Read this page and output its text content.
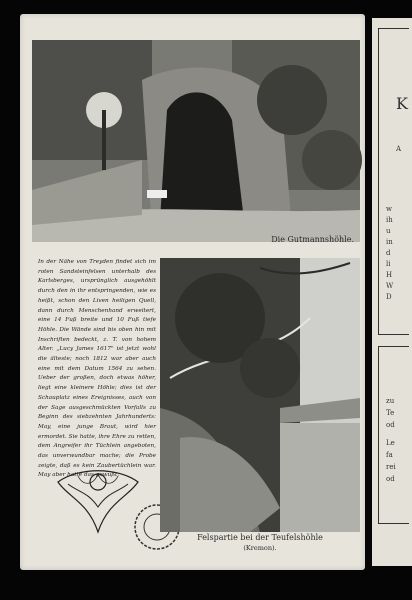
Die Gutmannshöhle.
In der Nähe von Treyden findet sich im roten Sandsteinfelsen unterhalb des Karlsberges, ursprünglich ausgehöhlt durch den in ihr entspringenden, wie es heißt, schon den Liven heiligen Quell, dann durch Menschenhand erweitert, eine 14 Fuß breite und 10 Fuß tiefe Höhle. Die Wände sind bis oben hin mit Inschriften bedeckt, z. T. von hohem Alter. „Lucy James 1617" ist jetzt wohl die älteste; noch 1812 war aber auch eine mit dem Datum 1564 zu sehen. Ueber der großen, doch etwas höher, liegt eine kleinere Höhle; dies ist der Schauplatz eines Ereignisses, auch von der Sage ausgeschmückten Vorfalls zu Beginn des siebzehnten Jahrhunderts: May, eine junge Braut, wird hier ermordet. Sie hatte, ihre Ehre zu retten, dem Angreifer ihr Tüchlein angeboten, das unverwundbar mache; die Probe zeigte, daß es kein Zaubertüchlein war. May aber hatte das gewußt.
Felspartie bei der Teufelshöhle
(Kremon).
K
A
w
ih
u
in
d
li
H
W
D
zu
Te
od
Le
fa
rei
od
